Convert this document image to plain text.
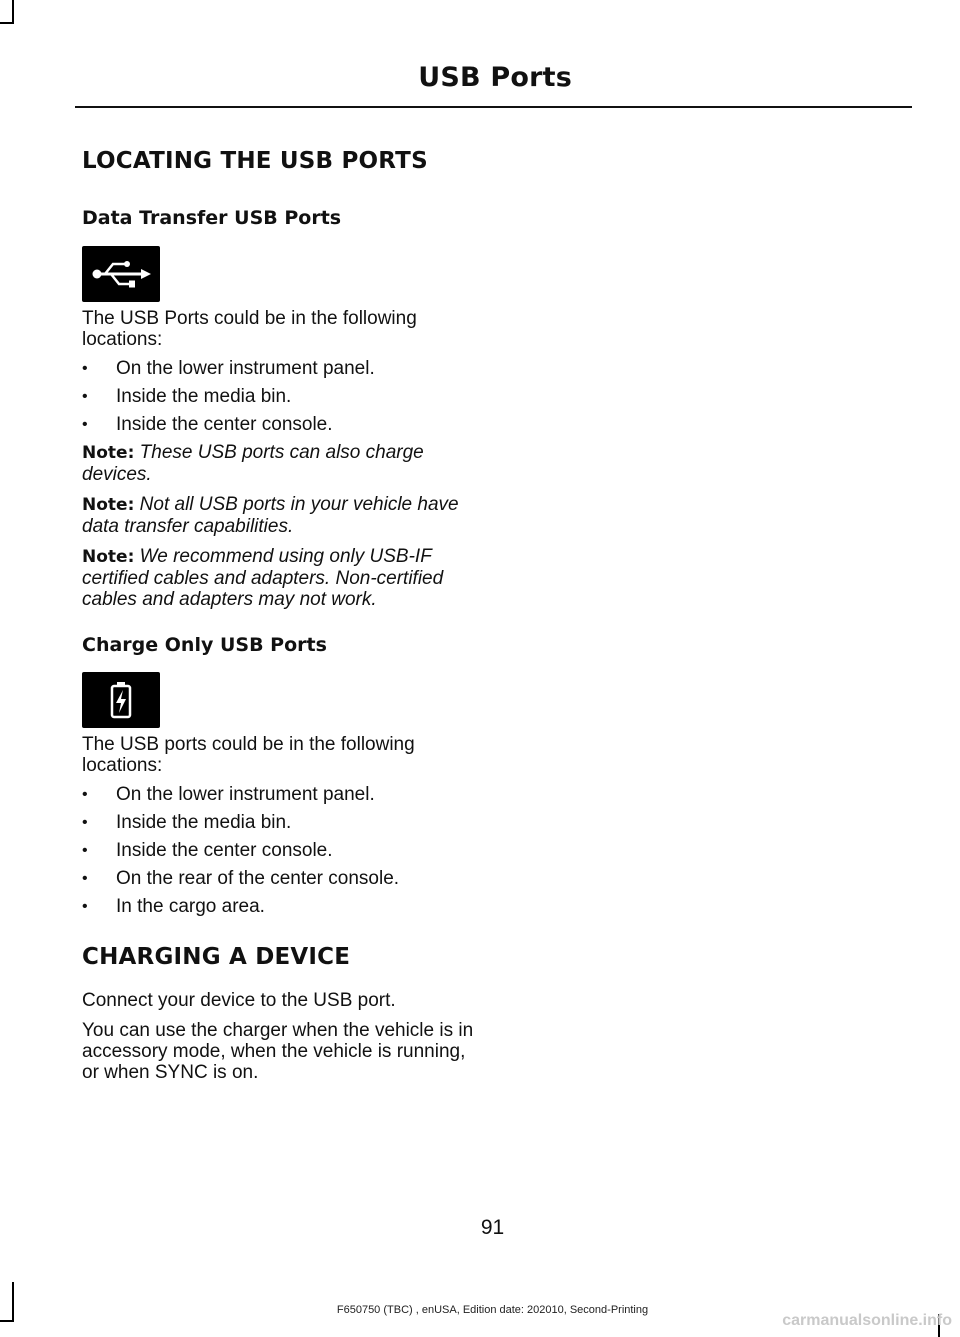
USB Ports
LOCATING THE USB PORTS
Data Transfer USB Ports

The USB Ports could be in the following locations:

• On the lower instrument panel.
• Inside the media bin.
• Inside the center console.

Note: These USB ports can also charge devices.

Note: Not all USB ports in your vehicle have data transfer capabilities.

Note: We recommend using only USB-IF certified cables and adapters. Non-certified cables and adapters may not work.

Charge Only USB Ports

The USB ports could be in the following locations:

• On the lower instrument panel.
• Inside the media bin.
• Inside the center console.
• On the rear of the center console.
• In the cargo area.
CHARGING A DEVICE

Connect your device to the USB port.

You can use the charger when the vehicle is in accessory mode, when the vehicle is running, or when SYNC is on.

91
F650750 (TBC) , enUSA, Edition date: 202010, Second-Printing
carmanualsonline.info
